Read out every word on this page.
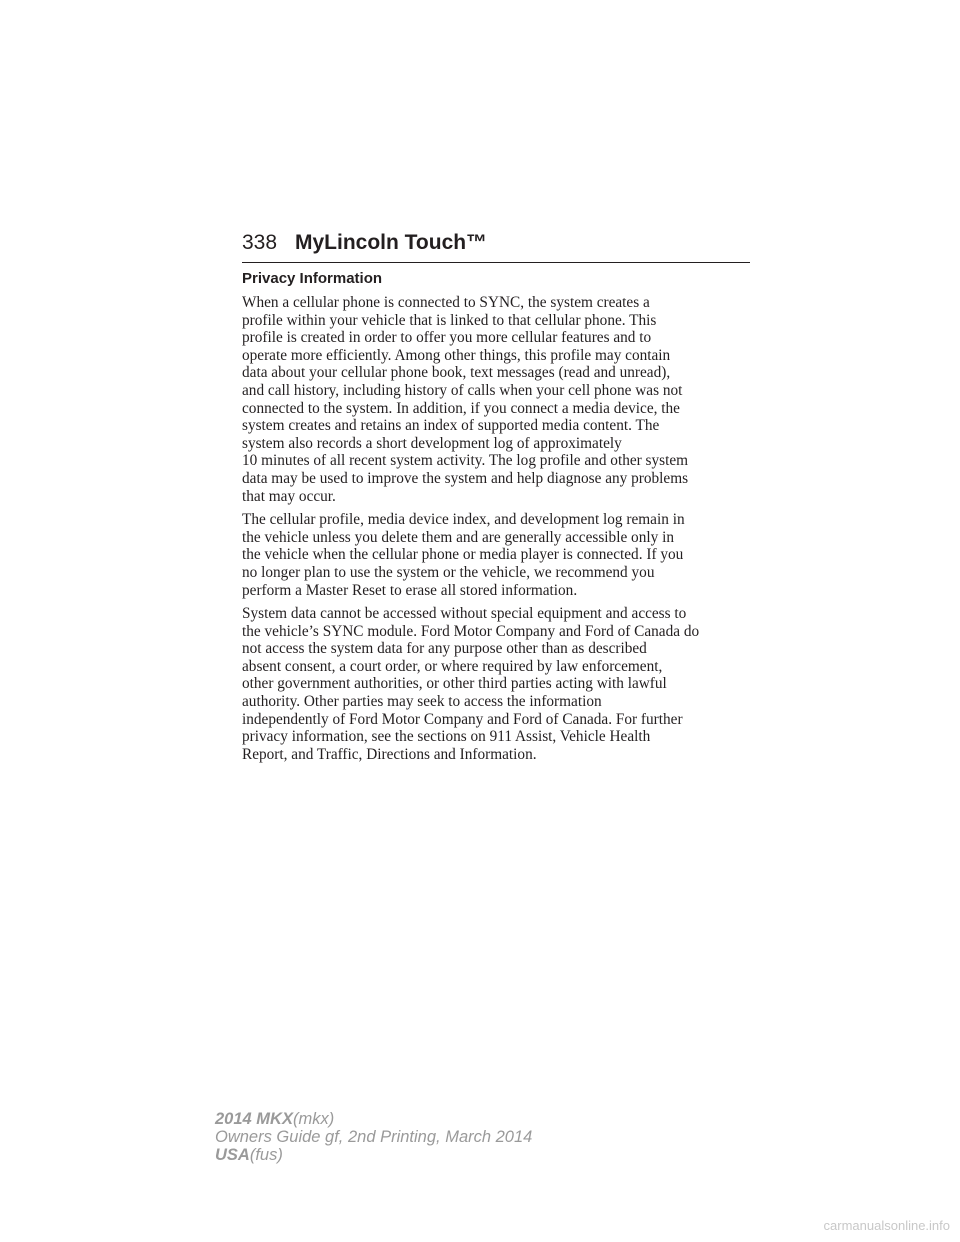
338 MyLincoln Touch™
Privacy Information
When a cellular phone is connected to SYNC, the system creates a
profile within your vehicle that is linked to that cellular phone. This
profile is created in order to offer you more cellular features and to
operate more efficiently. Among other things, this profile may contain
data about your cellular phone book, text messages (read and unread),
and call history, including history of calls when your cell phone was not
connected to the system. In addition, if you connect a media device, the
system creates and retains an index of supported media content. The
system also records a short development log of approximately
10 minutes of all recent system activity. The log profile and other system
data may be used to improve the system and help diagnose any problems
that may occur.
The cellular profile, media device index, and development log remain in
the vehicle unless you delete them and are generally accessible only in
the vehicle when the cellular phone or media player is connected. If you
no longer plan to use the system or the vehicle, we recommend you
perform a Master Reset to erase all stored information.
System data cannot be accessed without special equipment and access to
the vehicle’s SYNC module. Ford Motor Company and Ford of Canada do
not access the system data for any purpose other than as described
absent consent, a court order, or where required by law enforcement,
other government authorities, or other third parties acting with lawful
authority. Other parties may seek to access the information
independently of Ford Motor Company and Ford of Canada. For further
privacy information, see the sections on 911 Assist, Vehicle Health
Report, and Traffic, Directions and Information.
2014 MKX(mkx)
Owners Guide gf, 2nd Printing, March 2014
USA(fus)
carmanualsonline.info
